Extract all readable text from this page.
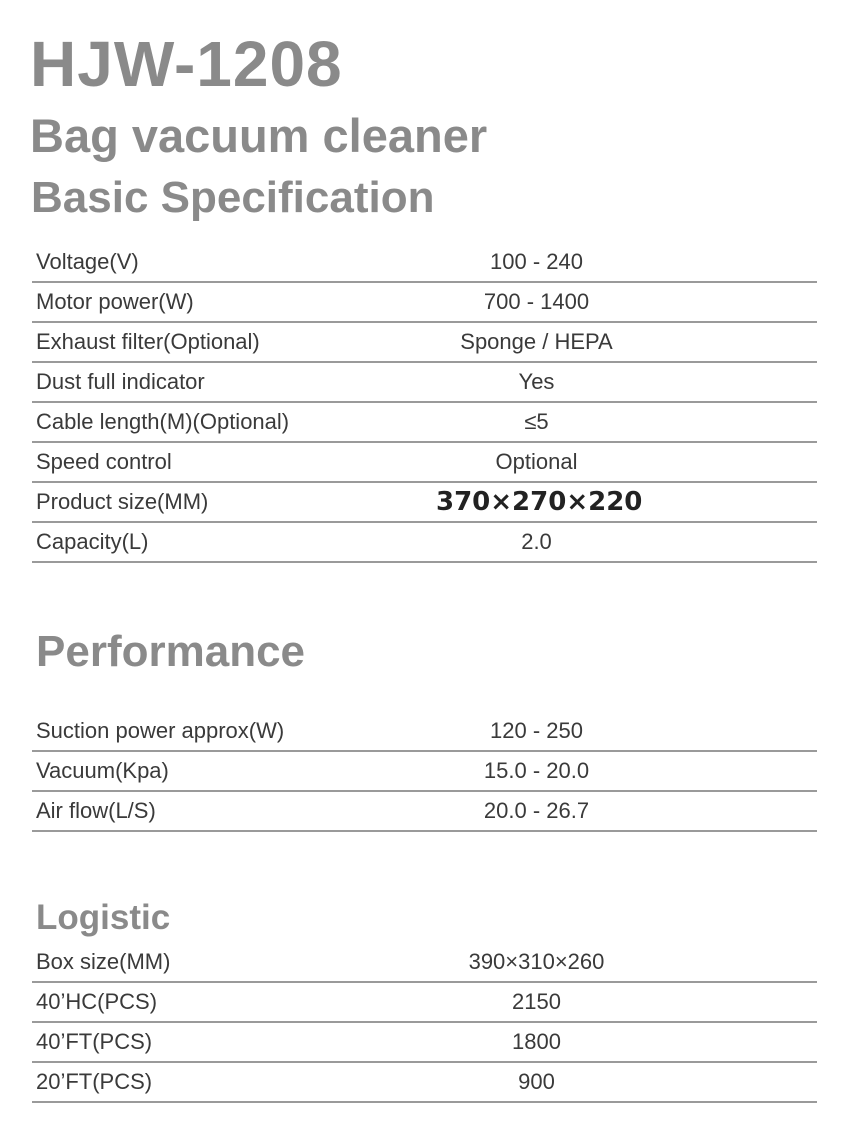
HJW-1208
Bag vacuum cleaner
Basic Specification
Voltage(V)	100 - 240
Motor power(W)	700 - 1400
Exhaust filter(Optional)	Sponge / HEPA
Dust full indicator	Yes
Cable length(M)(Optional)	≤5
Speed control	Optional
Product size(MM)	370×270×220
Capacity(L)	2.0
Performance
Suction power approx(W)	120 - 250
Vacuum(Kpa)	15.0 - 20.0
Air flow(L/S)	20.0 - 26.7
Logistic
Box size(MM)	390×310×260
40’HC(PCS)	2150
40’FT(PCS)	1800
20’FT(PCS)	900
